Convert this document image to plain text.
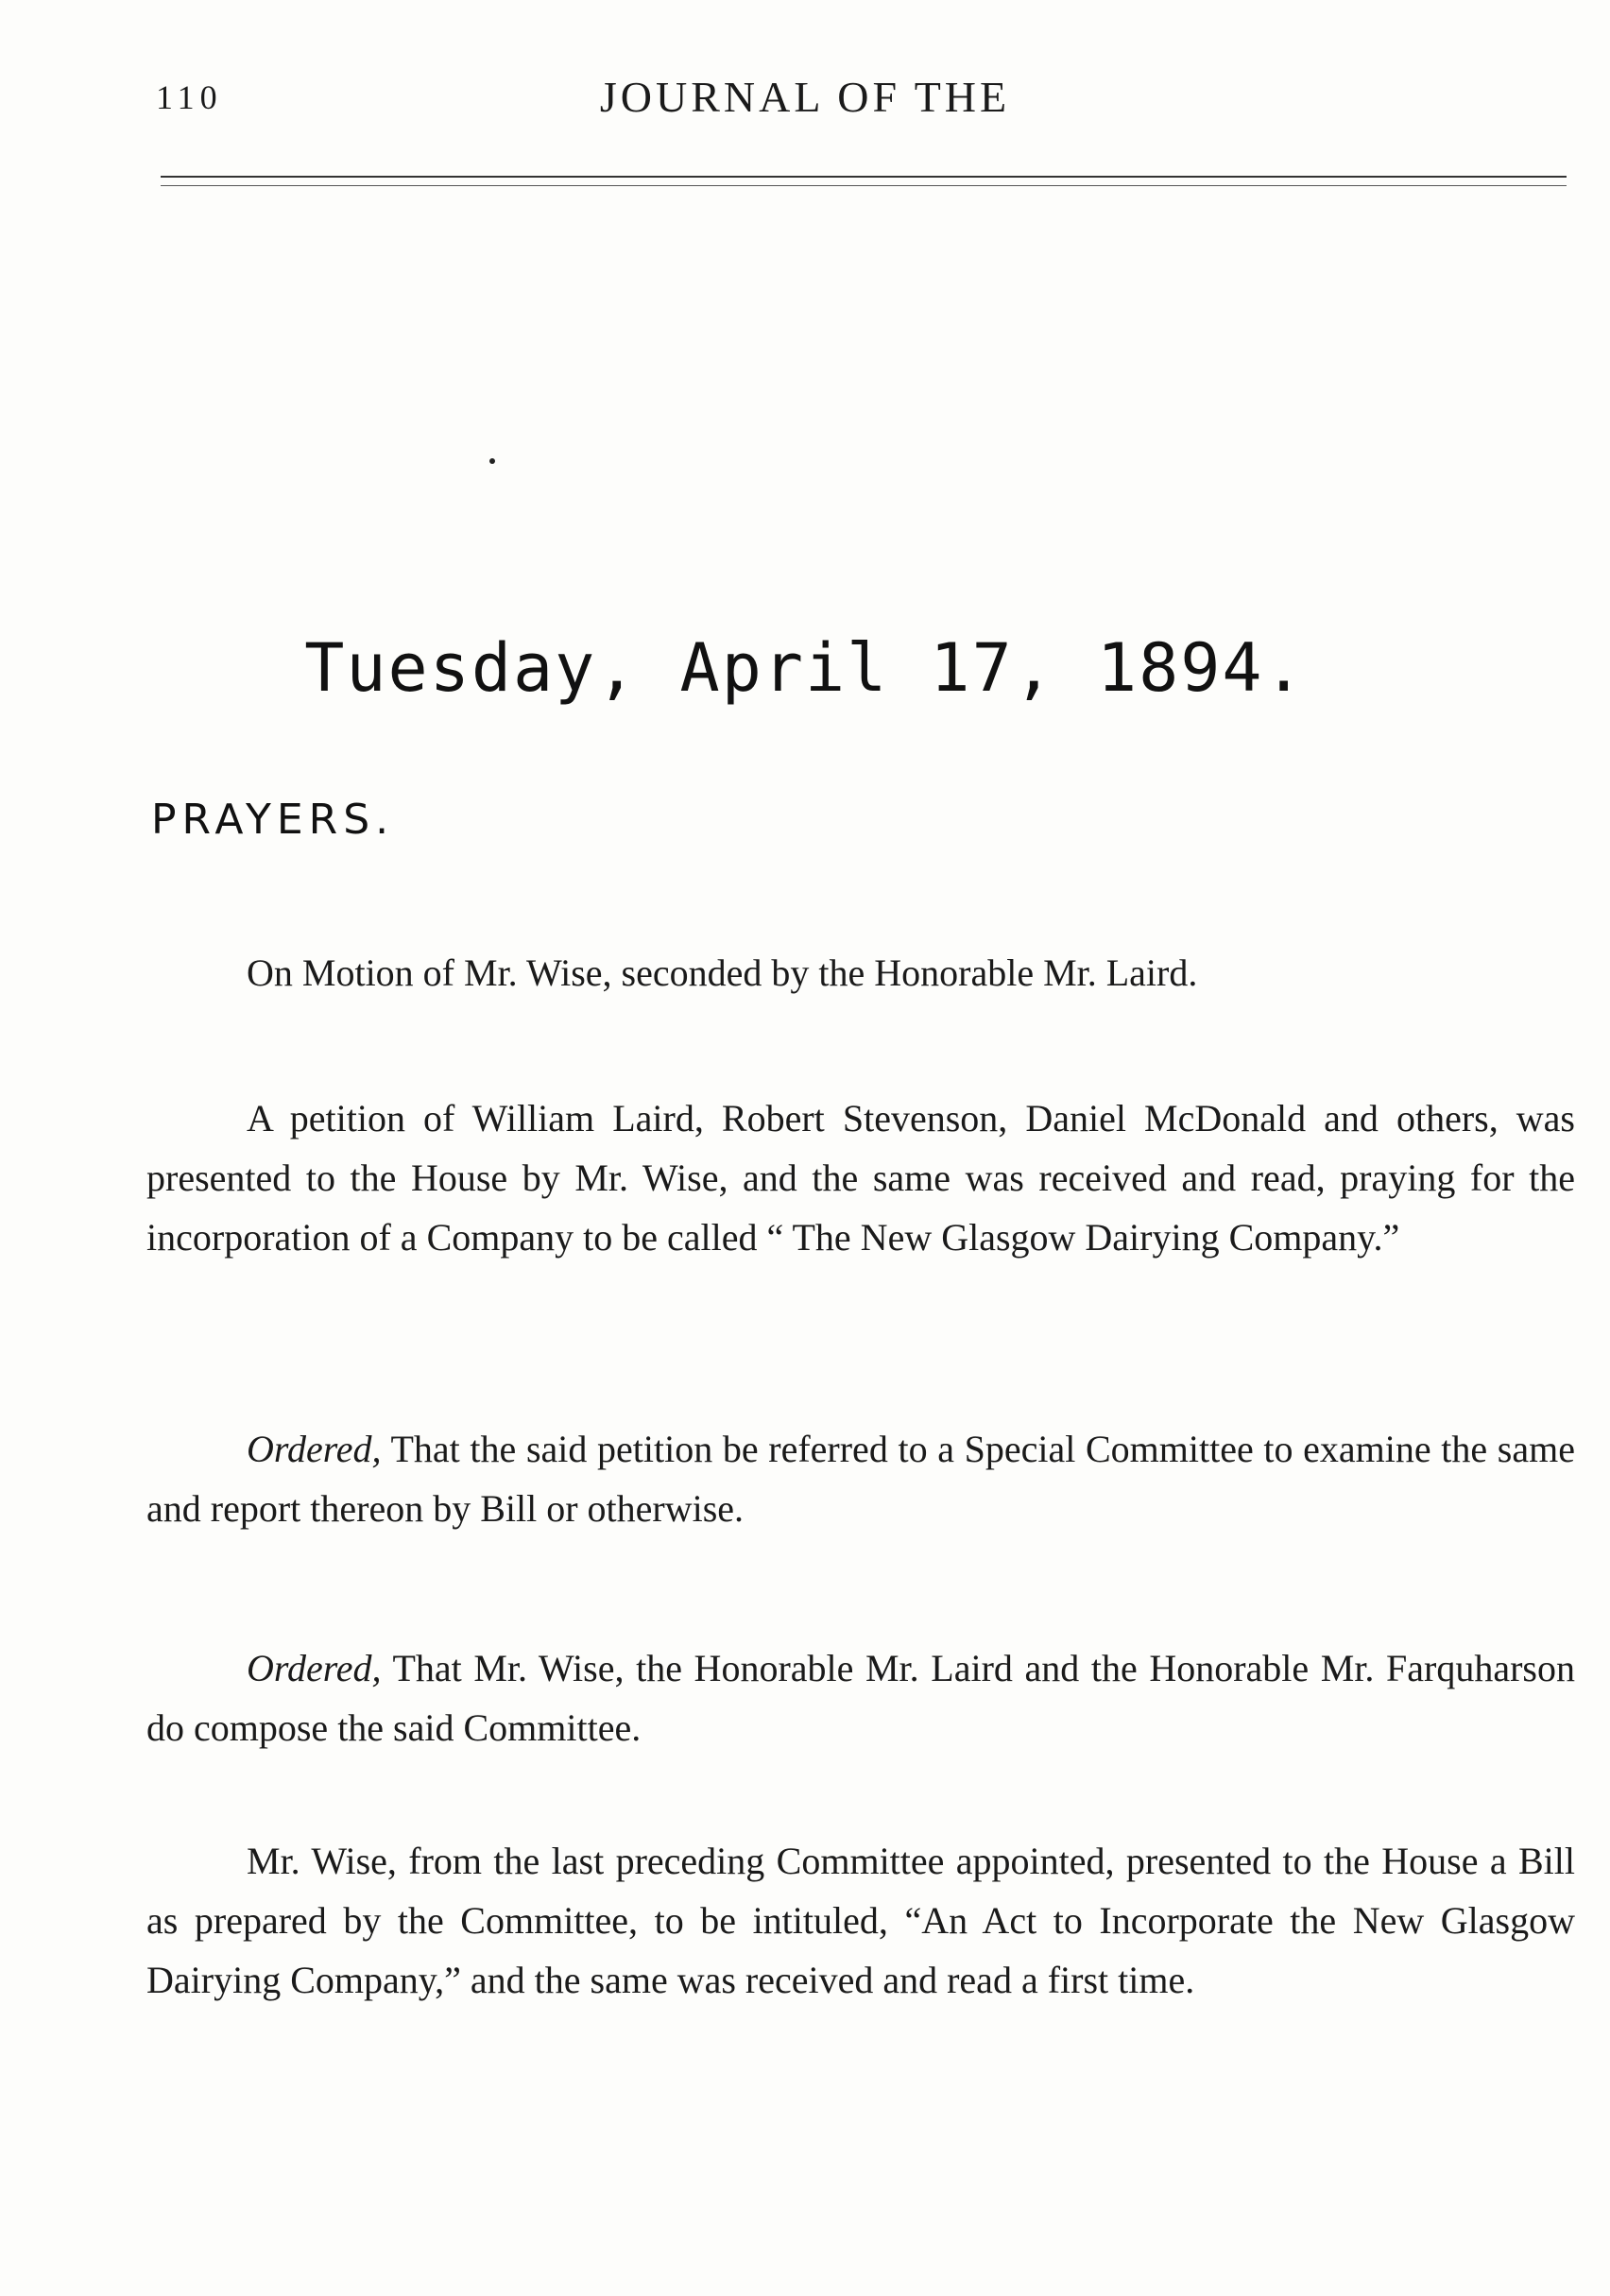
110	JOURNAL OF THE
Tuesday, April 17, 1894.
PRAYERS.

On Motion of Mr. Wise, seconded by the Honorable Mr. Laird.

A petition of William Laird, Robert Stevenson, Daniel McDonald and others, was presented to the House by Mr. Wise, and the same was received and read, praying for the incorporation of a Company to be called “ The New Glasgow Dairying Company.”

Ordered, That the said petition be referred to a Special Committee to examine the same and report thereon by Bill or otherwise.

Ordered, That Mr. Wise, the Honorable Mr. Laird and the Honorable Mr. Farquharson do compose the said Committee.

Mr. Wise, from the last preceding Committee appointed, presented to the House a Bill as prepared by the Committee, to be intituled, “An Act to Incorporate the New Glasgow Dairying Company,” and the same was received and read a first time.
